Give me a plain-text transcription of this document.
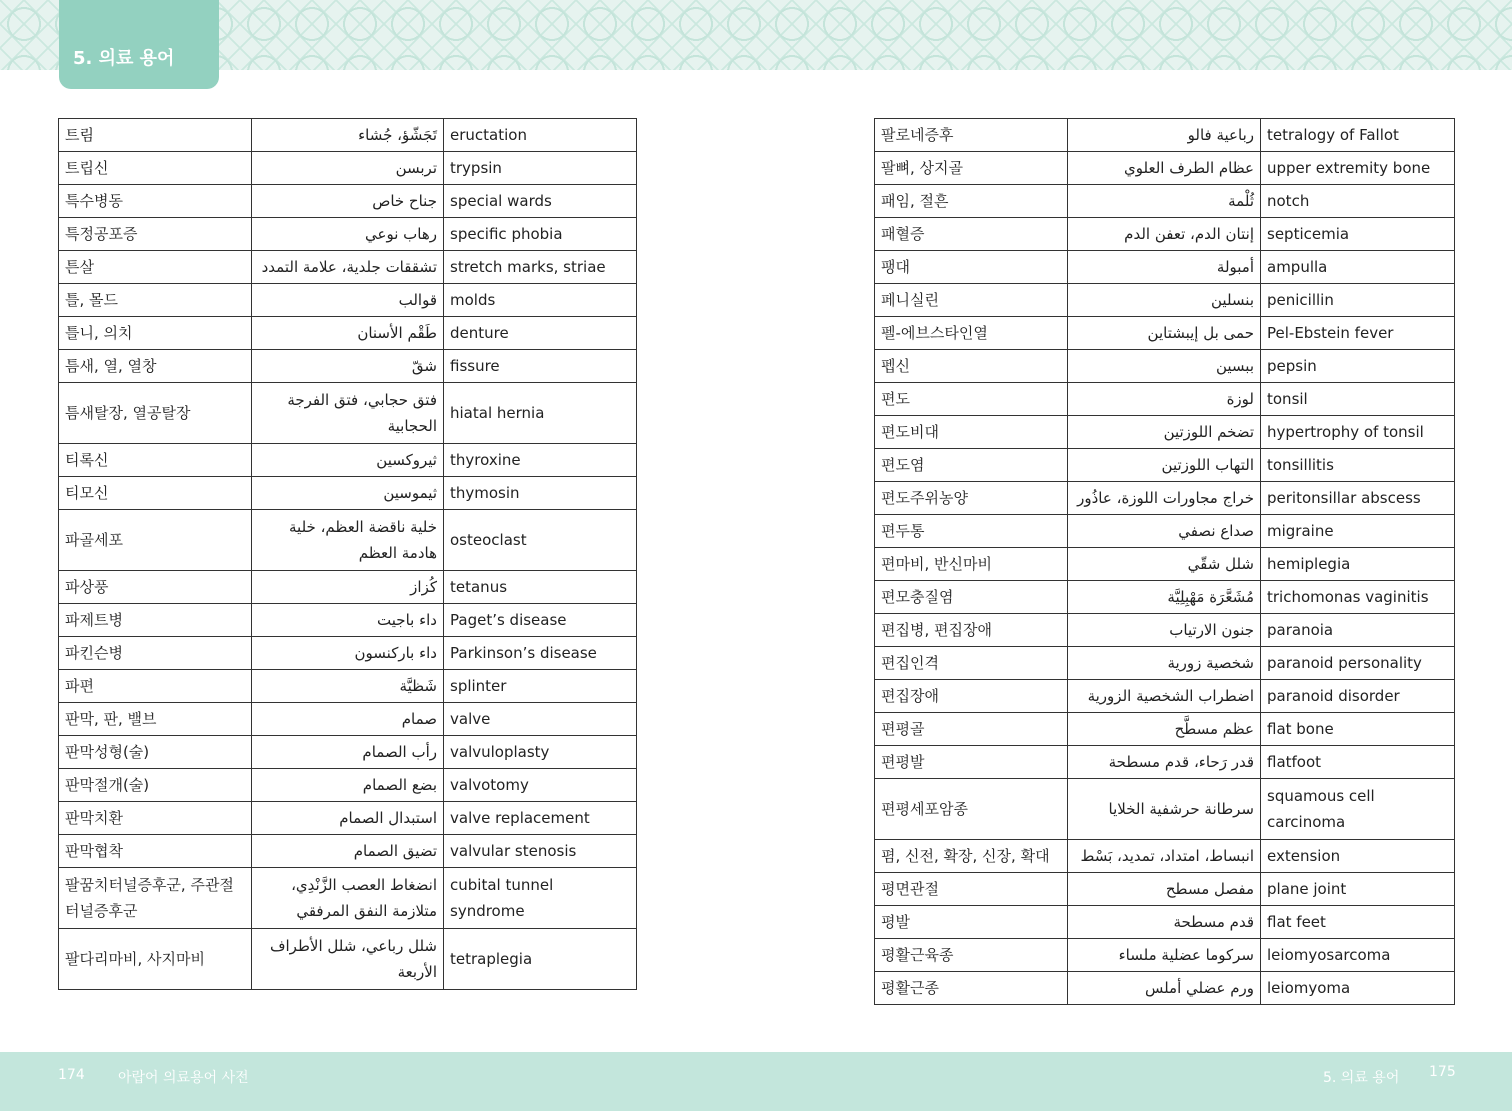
5. 의료 용어
트림	تَجَشّؤ، جُشاء	eructation
트립신	تربسن	trypsin
특수병동	جناح خاص	special wards
특정공포증	رهاب نوعي	specific phobia
튼살	تشققات جلدية، علامة التمدد	stretch marks, striae
틀, 몰드	قوالب	molds
틀니, 의치	طَقْم الأسنان	denture
틈새, 열, 열창	شقّ	fissure
틈새탈장, 열공탈장	فتق حجابي، فتق الفرجة الحجابية	hiatal hernia
티록신	ثيروكسين	thyroxine
티모신	ثيموسين	thymosin
파골세포	خلية ناقضة العظم، خلية هادمة العظم	osteoclast
파상풍	كُزاز	tetanus
파제트병	داء باجيت	Paget’s disease
파킨슨병	داء باركنسون	Parkinson’s disease
파편	شَظيَّة	splinter
판막, 판, 밸브	صمام	valve
판막성형(술)	رأب الصمام	valvuloplasty
판막절개(술)	بضع الصمام	valvotomy
판막치환	استبدال الصمام	valve replacement
판막협착	تضيق الصمام	valvular stenosis
팔꿈치터널증후군, 주관절터널증후군	انضغاط العصب الزَّنْدِي، متلازمة النفق المرفقي	cubital tunnel syndrome
팔다리마비, 사지마비	شلل رباعي، شلل الأطراف الأربعة	tetraplegia
팔로네증후	رباعية فالو	tetralogy of Fallot
팔뼈, 상지골	عظام الطرف العلوي	upper extremity bone
패임, 절흔	ثُلْمة	notch
패혈증	إنتان الدم، تعفن الدم	septicemia
팽대	أمبولة	ampulla
페니실린	بنسلين	penicillin
펠-에브스타인열	حمى بل إيبشتاين	Pel-Ebstein fever
펩신	ببسين	pepsin
편도	لوزة	tonsil
편도비대	تضخم اللوزتين	hypertrophy of tonsil
편도염	التهاب اللوزتين	tonsillitis
편도주위농양	خراج مجاورات اللوزة، عاذُور	peritonsillar abscess
편두통	صداع نصفي	migraine
편마비, 반신마비	شلل شقّي	hemiplegia
편모충질염	مُشَعَّرَة مَهْبِلِيَّة	trichomonas vaginitis
편집병, 편집장애	جنون الارتياب	paranoia
편집인격	شخصية زورية	paranoid personality
편집장애	اضطراب الشخصية الزورية	paranoid disorder
편평골	عظم مسطَّح	flat bone
편평발	قدر رَحاء، قدم مسطحة	flatfoot
편평세포암종	سرطانة حرشفية الخلايا	squamous cell carcinoma
폄, 신전, 확장, 신장, 확대	انبساط، امتداد، تمديد، بَسْط	extension
평면관절	مفصل مسطح	plane joint
평발	قدم مسطحة	flat feet
평활근육종	سركوما عضلية ملساء	leiomyosarcoma
평활근종	ورم عضلي أملس	leiomyoma
174 아랍어 의료용어 사전	5. 의료 용어 175
